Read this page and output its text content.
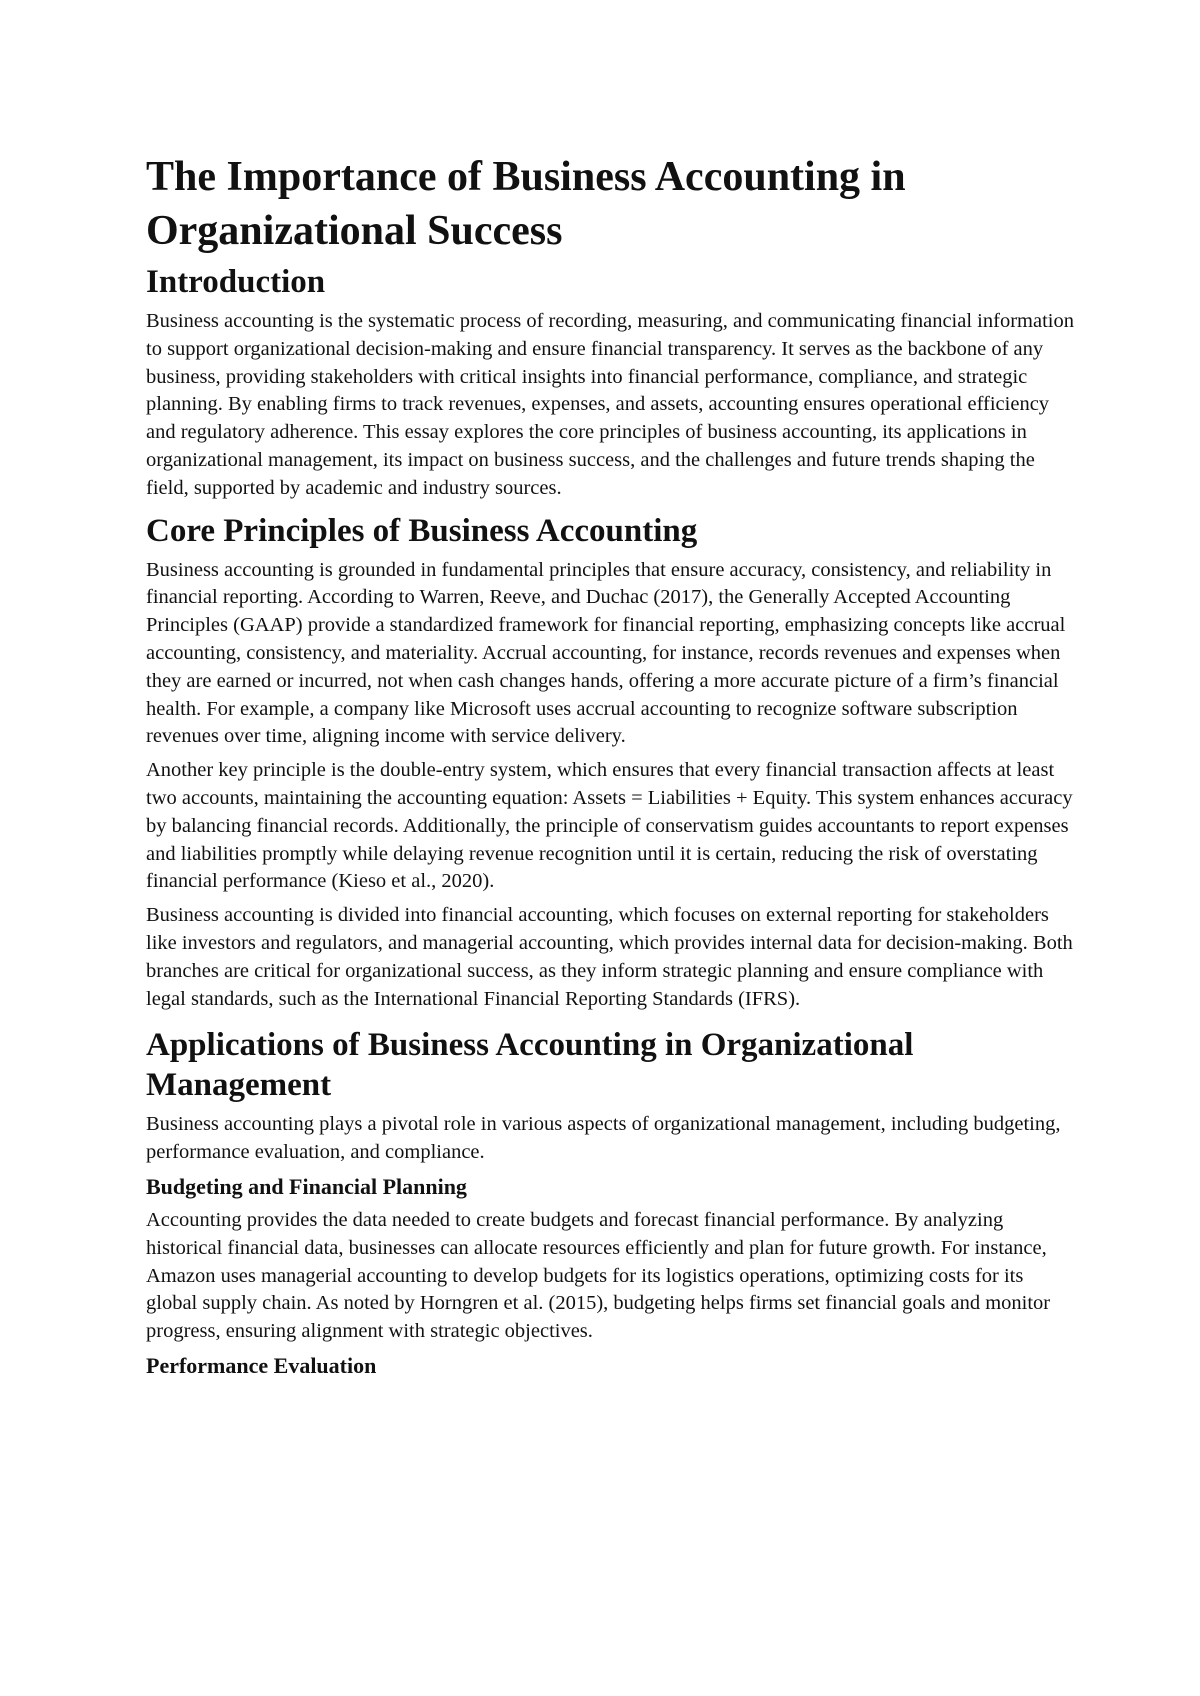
The Importance of Business Accounting in Organizational Success
Introduction

Business accounting is the systematic process of recording, measuring, and communicating financial information to support organizational decision-making and ensure financial transparency. It serves as the backbone of any business, providing stakeholders with critical insights into financial performance, compliance, and strategic planning. By enabling firms to track revenues, expenses, and assets, accounting ensures operational efficiency and regulatory adherence. This essay explores the core principles of business accounting, its applications in organizational management, its impact on business success, and the challenges and future trends shaping the field, supported by academic and industry sources.

Core Principles of Business Accounting

Business accounting is grounded in fundamental principles that ensure accuracy, consistency, and reliability in financial reporting. According to Warren, Reeve, and Duchac (2017), the Generally Accepted Accounting Principles (GAAP) provide a standardized framework for financial reporting, emphasizing concepts like accrual accounting, consistency, and materiality. Accrual accounting, for instance, records revenues and expenses when they are earned or incurred, not when cash changes hands, offering a more accurate picture of a firm’s financial health. For example, a company like Microsoft uses accrual accounting to recognize software subscription revenues over time, aligning income with service delivery.

Another key principle is the double-entry system, which ensures that every financial transaction affects at least two accounts, maintaining the accounting equation: Assets = Liabilities + Equity. This system enhances accuracy by balancing financial records. Additionally, the principle of conservatism guides accountants to report expenses and liabilities promptly while delaying revenue recognition until it is certain, reducing the risk of overstating financial performance (Kieso et al., 2020).

Business accounting is divided into financial accounting, which focuses on external reporting for stakeholders like investors and regulators, and managerial accounting, which provides internal data for decision-making. Both branches are critical for organizational success, as they inform strategic planning and ensure compliance with legal standards, such as the International Financial Reporting Standards (IFRS).

Applications of Business Accounting in Organizational Management

Business accounting plays a pivotal role in various aspects of organizational management, including budgeting, performance evaluation, and compliance.

Budgeting and Financial Planning

Accounting provides the data needed to create budgets and forecast financial performance. By analyzing historical financial data, businesses can allocate resources efficiently and plan for future growth. For instance, Amazon uses managerial accounting to develop budgets for its logistics operations, optimizing costs for its global supply chain. As noted by Horngren et al. (2015), budgeting helps firms set financial goals and monitor progress, ensuring alignment with strategic objectives.

Performance Evaluation
